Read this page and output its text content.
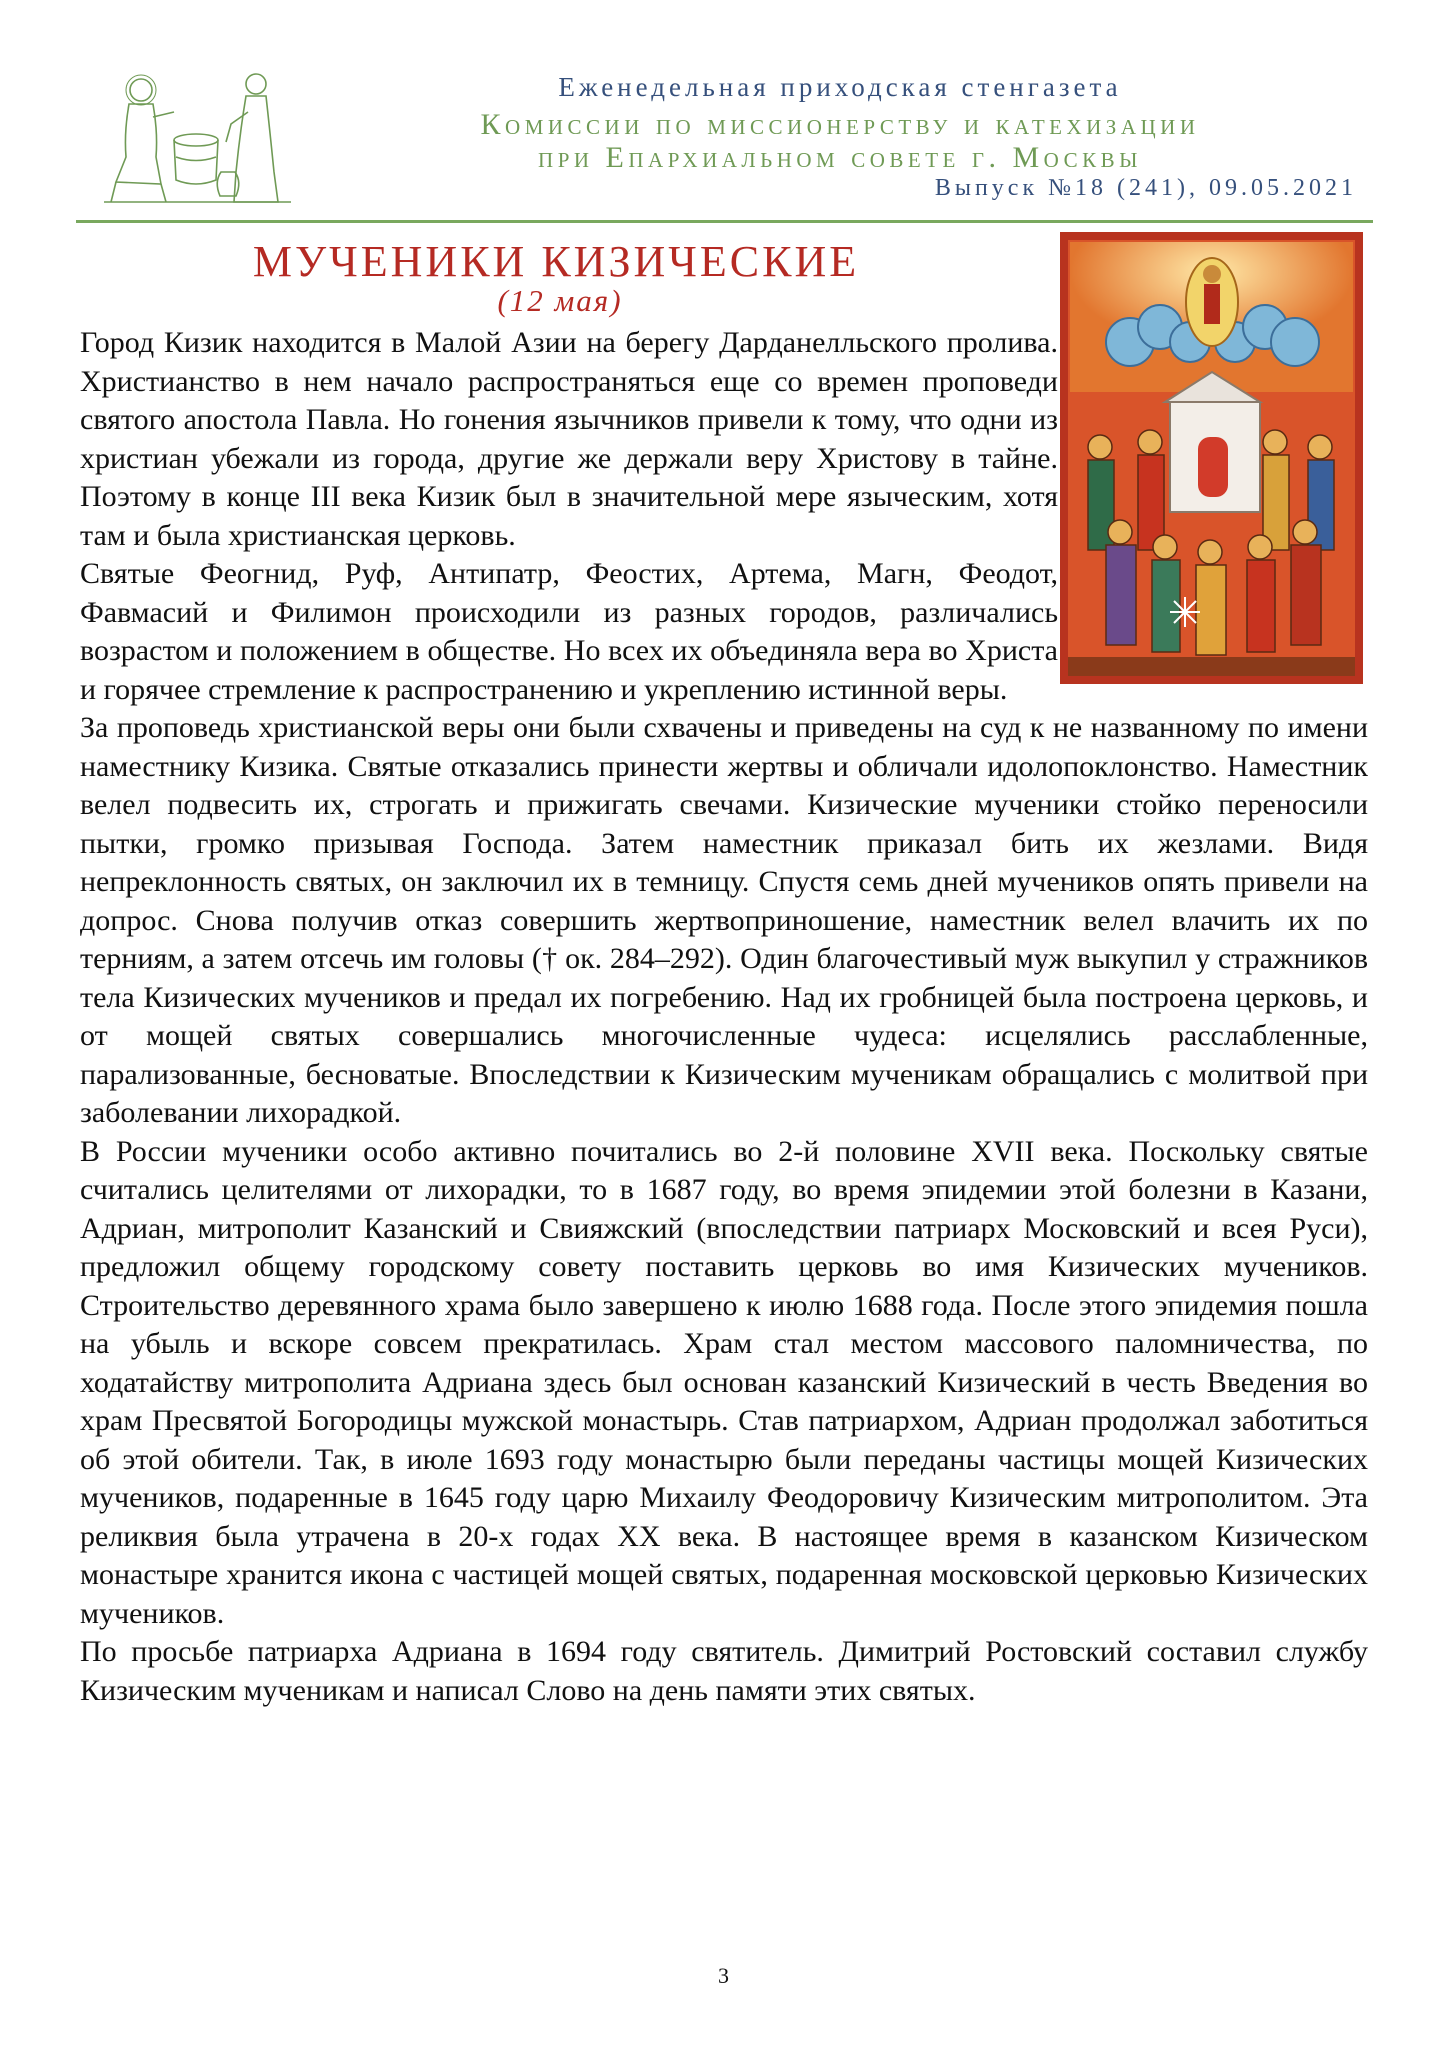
Еженедельная приходская стенгазета
Комиссии по миссионерству и катехизации
при Епархиальном совете г. Москвы
Выпуск №18 (241), 09.05.2021
МУЧЕНИКИ КИЗИЧЕСКИЕ
(12 мая)

Город Кизик находится в Малой Азии на берегу Дарданелльского пролива. Христианство в нем начало распространяться еще со времен проповеди святого апостола Павла. Но гонения язычников привели к тому, что одни из христиан убежали из города, другие же держали веру Христову в тайне. Поэтому в конце III века Кизик был в значительной мере языческим, хотя там и была христианская церковь.

Святые Феогнид, Руф, Антипатр, Феостих, Артема, Магн, Феодот, Фавмасий и Филимон происходили из разных городов, различались возрастом и положением в обществе. Но всех их объединяла вера во Христа и горячее стремление к распространению и укреплению истинной веры.

За проповедь христианской веры они были схвачены и приведены на суд к не названному по имени наместнику Кизика. Святые отказались принести жертвы и обличали идолопоклонство. Наместник велел подвесить их, строгать и прижигать свечами. Кизические мученики стойко переносили пытки, громко призывая Господа. Затем наместник приказал бить их жезлами. Видя непреклонность святых, он заключил их в темницу. Спустя семь дней мучеников опять привели на допрос. Снова получив отказ совершить жертвоприношение, наместник велел влачить их по терниям, а затем отсечь им головы († ок. 284–292). Один благочестивый муж выкупил у стражников тела Кизических мучеников и предал их погребению. Над их гробницей была построена церковь, и от мощей святых совершались многочисленные чудеса: исцелялись расслабленные, парализованные, бесноватые. Впоследствии к Кизическим мученикам обращались с молитвой при заболевании лихорадкой.

В России мученики особо активно почитались во 2-й половине XVII века. Поскольку святые считались целителями от лихорадки, то в 1687 году, во время эпидемии этой болезни в Казани, Адриан, митрополит Казанский и Свияжский (впоследствии патриарх Московский и всея Руси), предложил общему городскому совету поставить церковь во имя Кизических мучеников. Строительство деревянного храма было завершено к июлю 1688 года. После этого эпидемия пошла на убыль и вскоре совсем прекратилась. Храм стал местом массового паломничества, по ходатайству митрополита Адриана здесь был основан казанский Кизический в честь Введения во храм Пресвятой Богородицы мужской монастырь. Став патриархом, Адриан продолжал заботиться об этой обители. Так, в июле 1693 году монастырю были переданы частицы мощей Кизических мучеников, подаренные в 1645 году царю Михаилу Феодоровичу Кизическим митрополитом. Эта реликвия была утрачена в 20-х годах XX века. В настоящее время в казанском Кизическом монастыре хранится икона с частицей мощей святых, подаренная московской церковью Кизических мучеников.

По просьбе патриарха Адриана в 1694 году святитель. Димитрий Ростовский составил службу Кизическим мученикам и написал Слово на день памяти этих святых.

3
